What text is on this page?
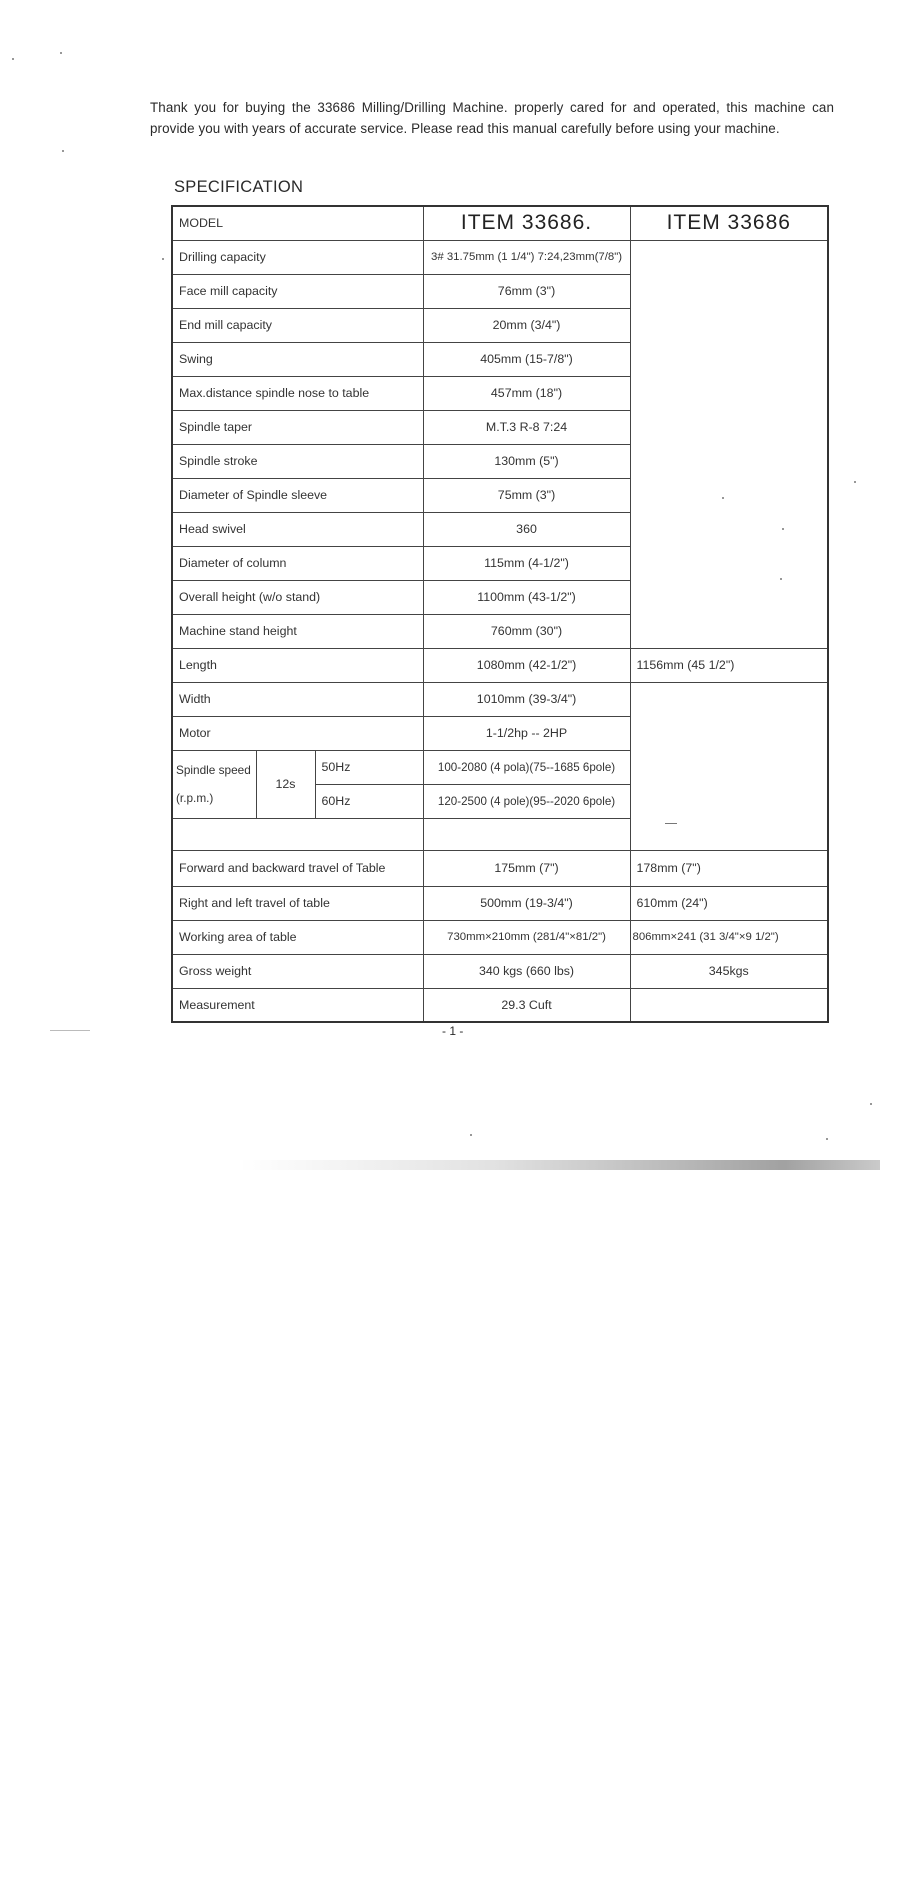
Thank you for buying the 33686 Milling/Drilling Machine. properly cared for and operated, this machine can provide you with years of accurate service. Please read this manual carefully before using your machine.

SPECIFICATION
MODEL			ITEM 33686.	ITEM 33686
Drilling capacity			3# 31.75mm (1 1/4") 7:24,23mm(7/8")	
Face mill capacity			76mm (3")	
End mill capacity			20mm (3/4")	
Swing			405mm (15-7/8")	
Max.distance spindle nose to table			457mm (18")	
Spindle taper			M.T.3 R-8 7:24	
Spindle stroke			130mm (5")	
Diameter of Spindle sleeve			75mm (3")	
Head swivel			360	
Diameter of column			115mm (4-1/2")	
Overall height (w/o stand)			1100mm (43-1/2")	
Machine stand height			760mm (30")	
Length			1080mm (42-1/2")	1156mm (45 1/2")
Width			1010mm (39-3/4")	
Motor			1-1/2hp -- 2HP	

Spindle speed
(r.p.m.)	12s	50Hz	100-2080 (4 pola)(75--1685 6pole)	
		60Hz	120-2500 (4 pole)(95--2020 6pole)	

Forward and backward travel of Table			175mm (7")	178mm (7")
Right and left travel of table			500mm (19-3/4")	610mm (24")
Working area of table			730mm×210mm (281/4"×81/2")	806mm×241 (31 3/4"×9 1/2")
Gross weight			340 kgs (660 lbs)	345kgs
Measurement			29.3 Cuft	
- 1 -
